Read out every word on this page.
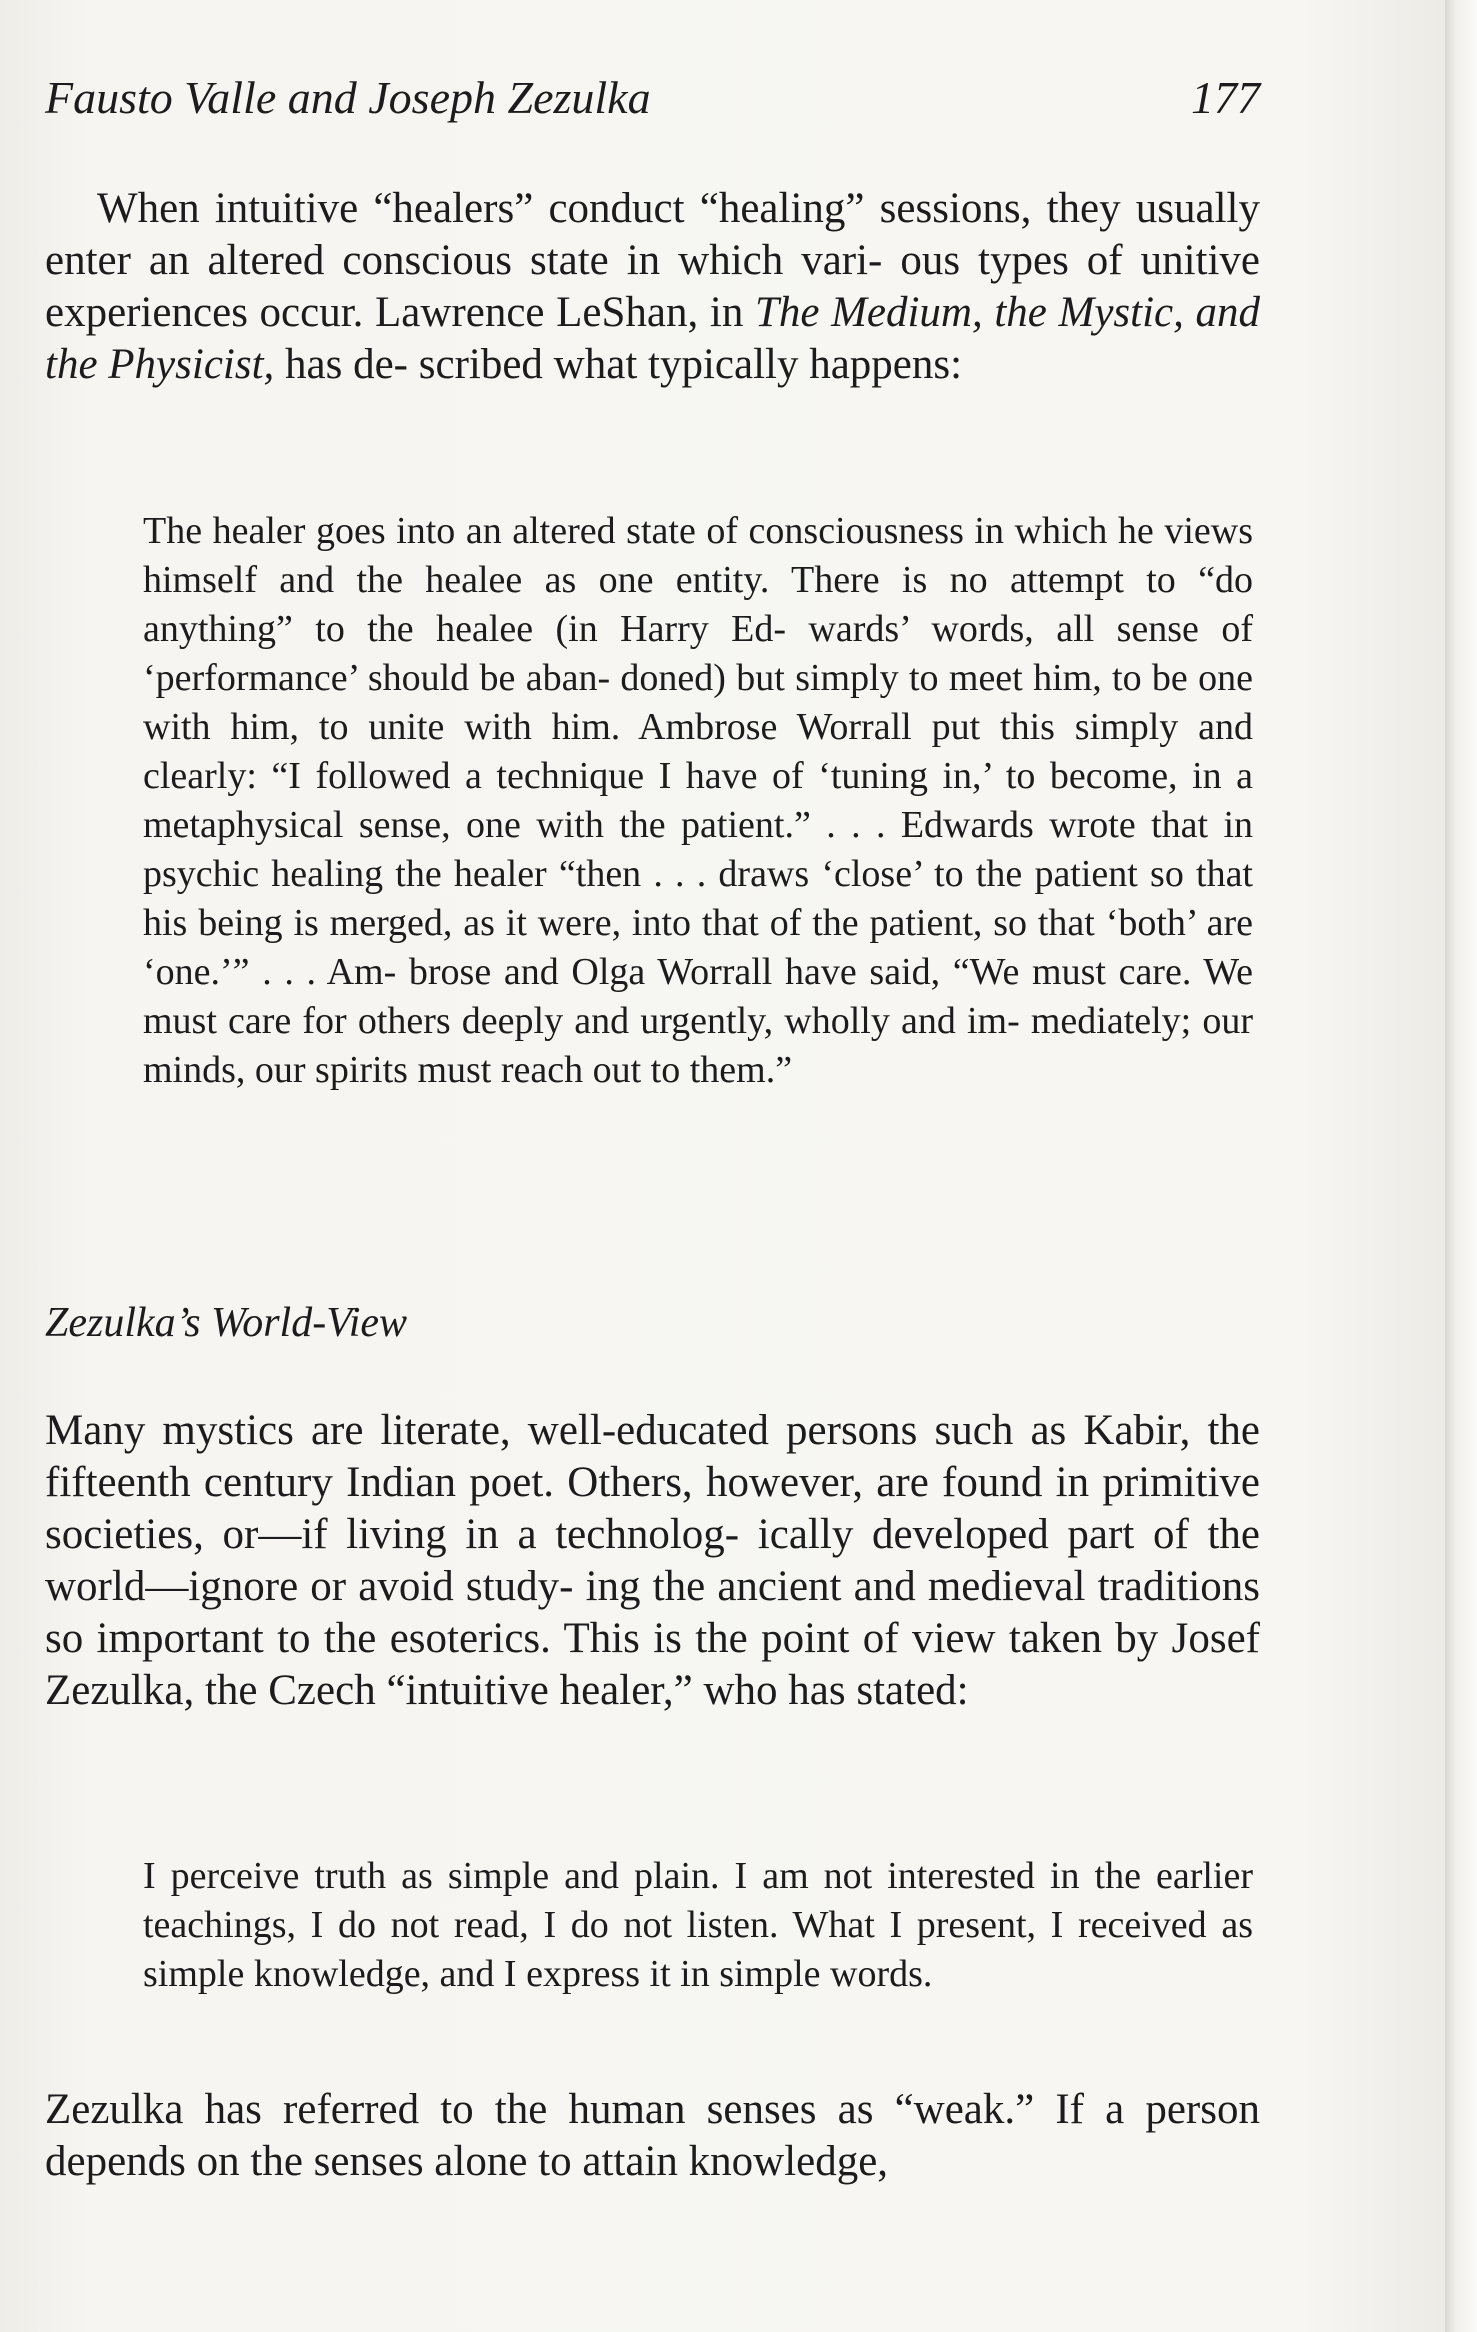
Fausto Valle and Joseph Zezulka	177

When intuitive “healers” conduct “healing” sessions, they usually enter an altered conscious state in which vari- ous types of unitive experiences occur. Lawrence LeShan, in The Medium, the Mystic, and the Physicist, has de- scribed what typically happens:

The healer goes into an altered state of consciousness in which he views himself and the healee as one entity. There is no attempt to “do anything” to the healee (in Harry Ed- wards’ words, all sense of ‘performance’ should be aban- doned) but simply to meet him, to be one with him, to unite with him. Ambrose Worrall put this simply and clearly: “I followed a technique I have of ‘tuning in,’ to become, in a metaphysical sense, one with the patient.” . . . Edwards wrote that in psychic healing the healer “then . . . draws ‘close’ to the patient so that his being is merged, as it were, into that of the patient, so that ‘both’ are ‘one.’” . . . Am- brose and Olga Worrall have said, “We must care. We must care for others deeply and urgently, wholly and im- mediately; our minds, our spirits must reach out to them.”

Zezulka’s World-View

Many mystics are literate, well-educated persons such as Kabir, the fifteenth century Indian poet. Others, however, are found in primitive societies, or—if living in a technolog- ically developed part of the world—ignore or avoid study- ing the ancient and medieval traditions so important to the esoterics. This is the point of view taken by Josef Zezulka, the Czech “intuitive healer,” who has stated:

I perceive truth as simple and plain. I am not interested in the earlier teachings, I do not read, I do not listen. What I present, I received as simple knowledge, and I express it in simple words.

Zezulka has referred to the human senses as “weak.” If a person depends on the senses alone to attain knowledge,
